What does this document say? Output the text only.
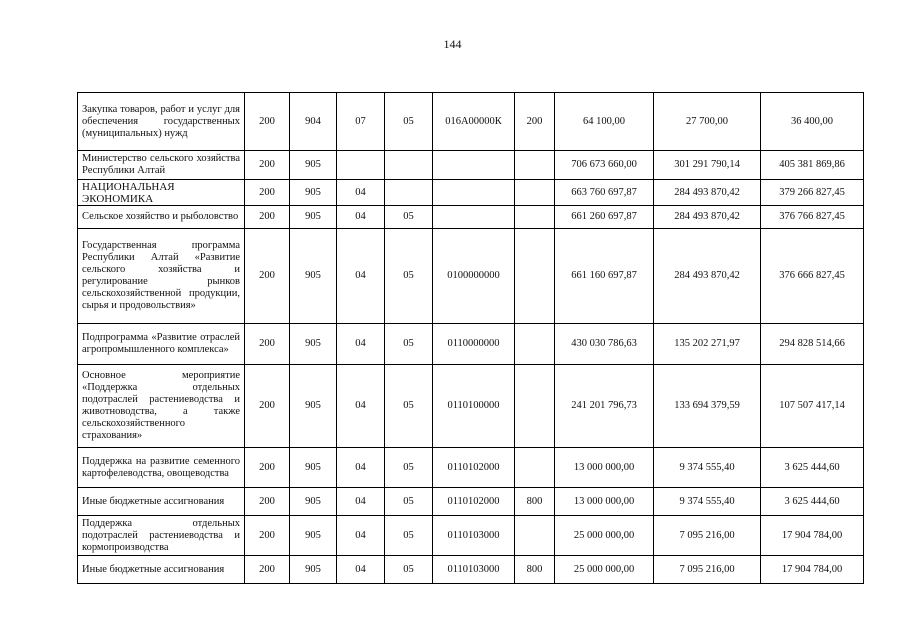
144
Закупка товаров, работ и услуг для обеспечения государственных (муниципальных) нужд	200	904	07	05	016А00000К	200	64 100,00	27 700,00	36 400,00
Министерство сельского хозяйства Республики Алтай	200	905					706 673 660,00	301 291 790,14	405 381 869,86
НАЦИОНАЛЬНАЯ ЭКОНОМИКА	200	905	04				663 760 697,87	284 493 870,42	379 266 827,45
Сельское хозяйство и рыболовство	200	905	04	05			661 260 697,87	284 493 870,42	376 766 827,45
Государственная программа Республики Алтай «Развитие сельского хозяйства и регулирование рынков сельскохозяйственной продукции, сырья и продовольствия»	200	905	04	05	0100000000		661 160 697,87	284 493 870,42	376 666 827,45
Подпрограмма «Развитие отраслей агропромышленного комплекса»	200	905	04	05	0110000000		430 030 786,63	135 202 271,97	294 828 514,66
Основное мероприятие «Поддержка отдельных подотраслей растениеводства и животноводства, а также сельскохозяйственного страхования»	200	905	04	05	0110100000		241 201 796,73	133 694 379,59	107 507 417,14
Поддержка на развитие семенного картофелеводства, овощеводства	200	905	04	05	0110102000		13 000 000,00	9 374 555,40	3 625 444,60
Иные бюджетные ассигнования	200	905	04	05	0110102000	800	13 000 000,00	9 374 555,40	3 625 444,60
Поддержка отдельных подотраслей растениеводства и кормопроизводства	200	905	04	05	0110103000		25 000 000,00	7 095 216,00	17 904 784,00
Иные бюджетные ассигнования	200	905	04	05	0110103000	800	25 000 000,00	7 095 216,00	17 904 784,00
